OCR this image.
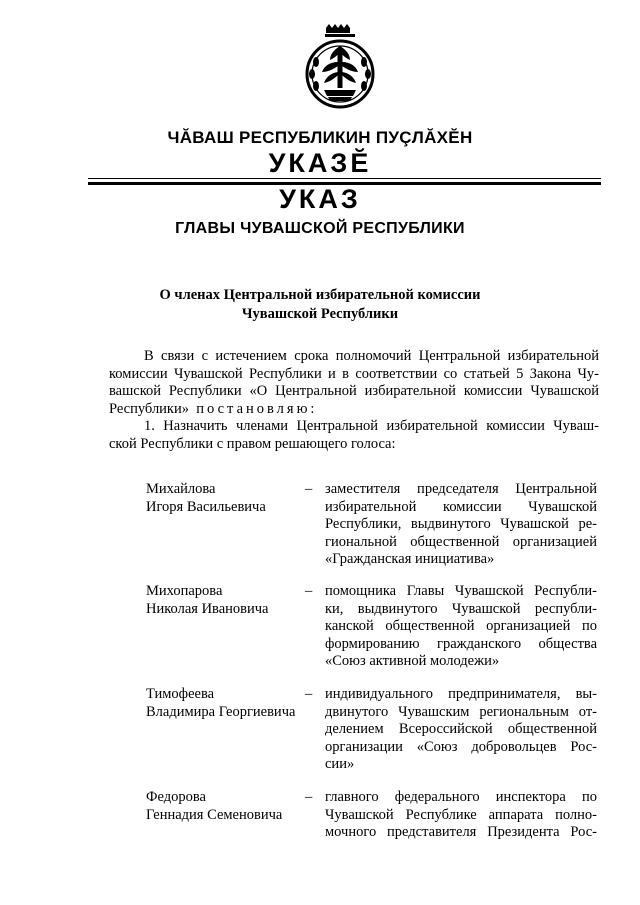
ЧĂВАШ РЕСПУБЛИКИН ПУÇЛĂХĔН
УКАЗĔ
УКАЗ
ГЛАВЫ ЧУВАШСКОЙ РЕСПУБЛИКИ
О членах Центральной избирательной комиссии
Чувашской Республики

В связи с истечением срока полномочий Центральной избирательной комиссии Чувашской Республики и в соответствии со статьей 5 Закона Чу- вашской Республики «О Центральной избирательной комиссии Чувашской Республики» постановляю:

1. Назначить членами Центральной избирательной комиссии Чуваш- ской Республики с правом решающего голоса:

Михайлова
Игоря Васильевича
– заместителя председателя Центральной
избирательной комиссии Чувашской
Республики, выдвинутого Чувашской ре-
гиональной общественной организацией
«Гражданская инициатива»
Михопарова
Николая Ивановича
– помощника Главы Чувашской Республи-
ки, выдвинутого Чувашской республи-
канской общественной организацией по
формированию гражданского общества
«Союз активной молодежи»
Тимофеева
Владимира Георгиевича
– индивидуального предпринимателя, вы-
двинутого Чувашским региональным от-
делением Всероссийской общественной
организации «Союз добровольцев Рос-
сии»
Федорова
Геннадия Семеновича
– главного федерального инспектора по
Чувашской Республике аппарата полно-
мочного представителя Президента Рос-
